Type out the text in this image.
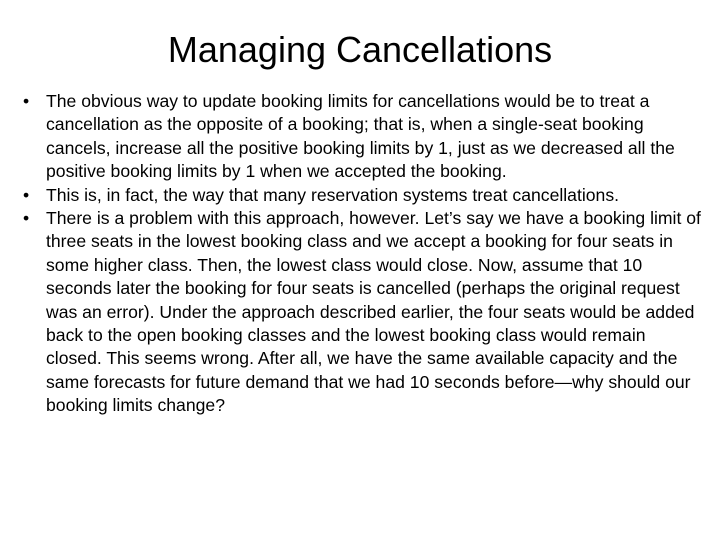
Managing Cancellations
• The obvious way to update booking limits for cancellations would be to treat a cancellation as the opposite of a booking; that is, when a single-seat booking cancels, increase all the positive booking limits by 1, just as we decreased all the positive booking limits by 1 when we accepted the booking.
• This is, in fact, the way that many reservation systems treat cancellations.
• There is a problem with this approach, however. Let’s say we have a booking limit of three seats in the lowest booking class and we accept a booking for four seats in some higher class. Then, the lowest class would close. Now, assume that 10 seconds later the booking for four seats is cancelled (perhaps the original request was an error). Under the approach described earlier, the four seats would be added back to the open booking classes and the lowest booking class would remain closed. This seems wrong. After all, we have the same available capacity and the same forecasts for future demand that we had 10 seconds before—why should our booking limits change?
